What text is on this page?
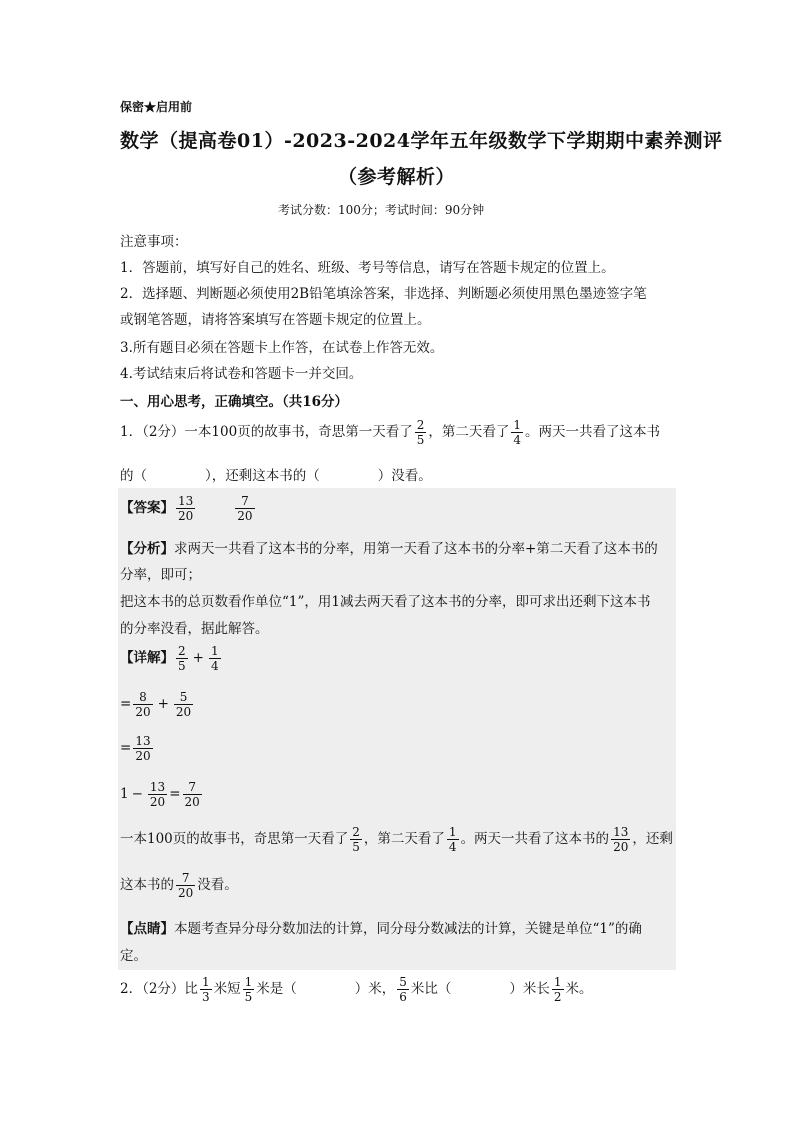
保密★启用前
数学（提高卷01）-2023-2024学年五年级数学下学期期中素养测评
（参考解析）
考试分数：100分；考试时间：90分钟
注意事项：
1．答题前，填写好自己的姓名、班级、考号等信息，请写在答题卡规定的位置上。
2．选择题、判断题必须使用2B铅笔填涂答案，非选择、判断题必须使用黑色墨迹签字笔
或钢笔答题，请将答案填写在答题卡规定的位置上。
3.所有题目必须在答题卡上作答，在试卷上作答无效。
4.考试结束后将试卷和答题卡一并交回。
一、用心思考，正确填空。（共16分）
1．（2分）一本100页的故事书，奇思第一天看了 $\frac{2}{5}$ ，第二天看了 $\frac{1}{4}$ 。两天一共看了这本书
的（	），还剩这本书的（	）没看。
【答案】 $\frac{13}{20}$	$\frac{7}{20}$
【分析】求两天一共看了这本书的分率，用第一天看了这本书的分率+第二天看了这本书的
分率，即可；
把这本书的总页数看作单位“1”，用1减去两天看了这本书的分率，即可求出还剩下这本书
的分率没看，据此解答。
【详解】 $\frac{2}{5} + \frac{1}{4}$
= $\frac{8}{20} + \frac{5}{20}$
= $\frac{13}{20}$
$1 - \frac{13}{20} = \frac{7}{20}$
一本100页的故事书，奇思第一天看了 $\frac{2}{5}$ ，第二天看了 $\frac{1}{4}$ 。两天一共看了这本书的 $\frac{13}{20}$ ，还剩
这本书的 $\frac{7}{20}$ 没看。
【点睛】本题考查异分母分数加法的计算，同分母分数减法的计算，关键是单位“1”的确
定。
2．（2分）比 $\frac{1}{3}$ 米短 $\frac{1}{5}$ 米是（	）米， $\frac{5}{6}$ 米比（	）米长 $\frac{1}{2}$ 米。
